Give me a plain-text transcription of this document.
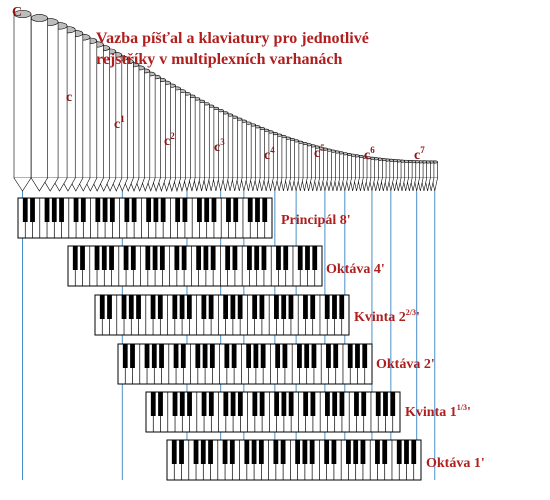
Vazba píšťal a klaviatury pro jednotlivé
rejstříky v multiplexních varhanách
C
c
$c^1$
$c^2$
$c^3$
$c^4$	$c^5$	$c^6$	$c^7$
Principál 8'
Oktáva 4'
Kvinta $2^{2/3}'$
Oktáva 2'
Kvinta $1^{1/3}'$
Oktáva 1'
